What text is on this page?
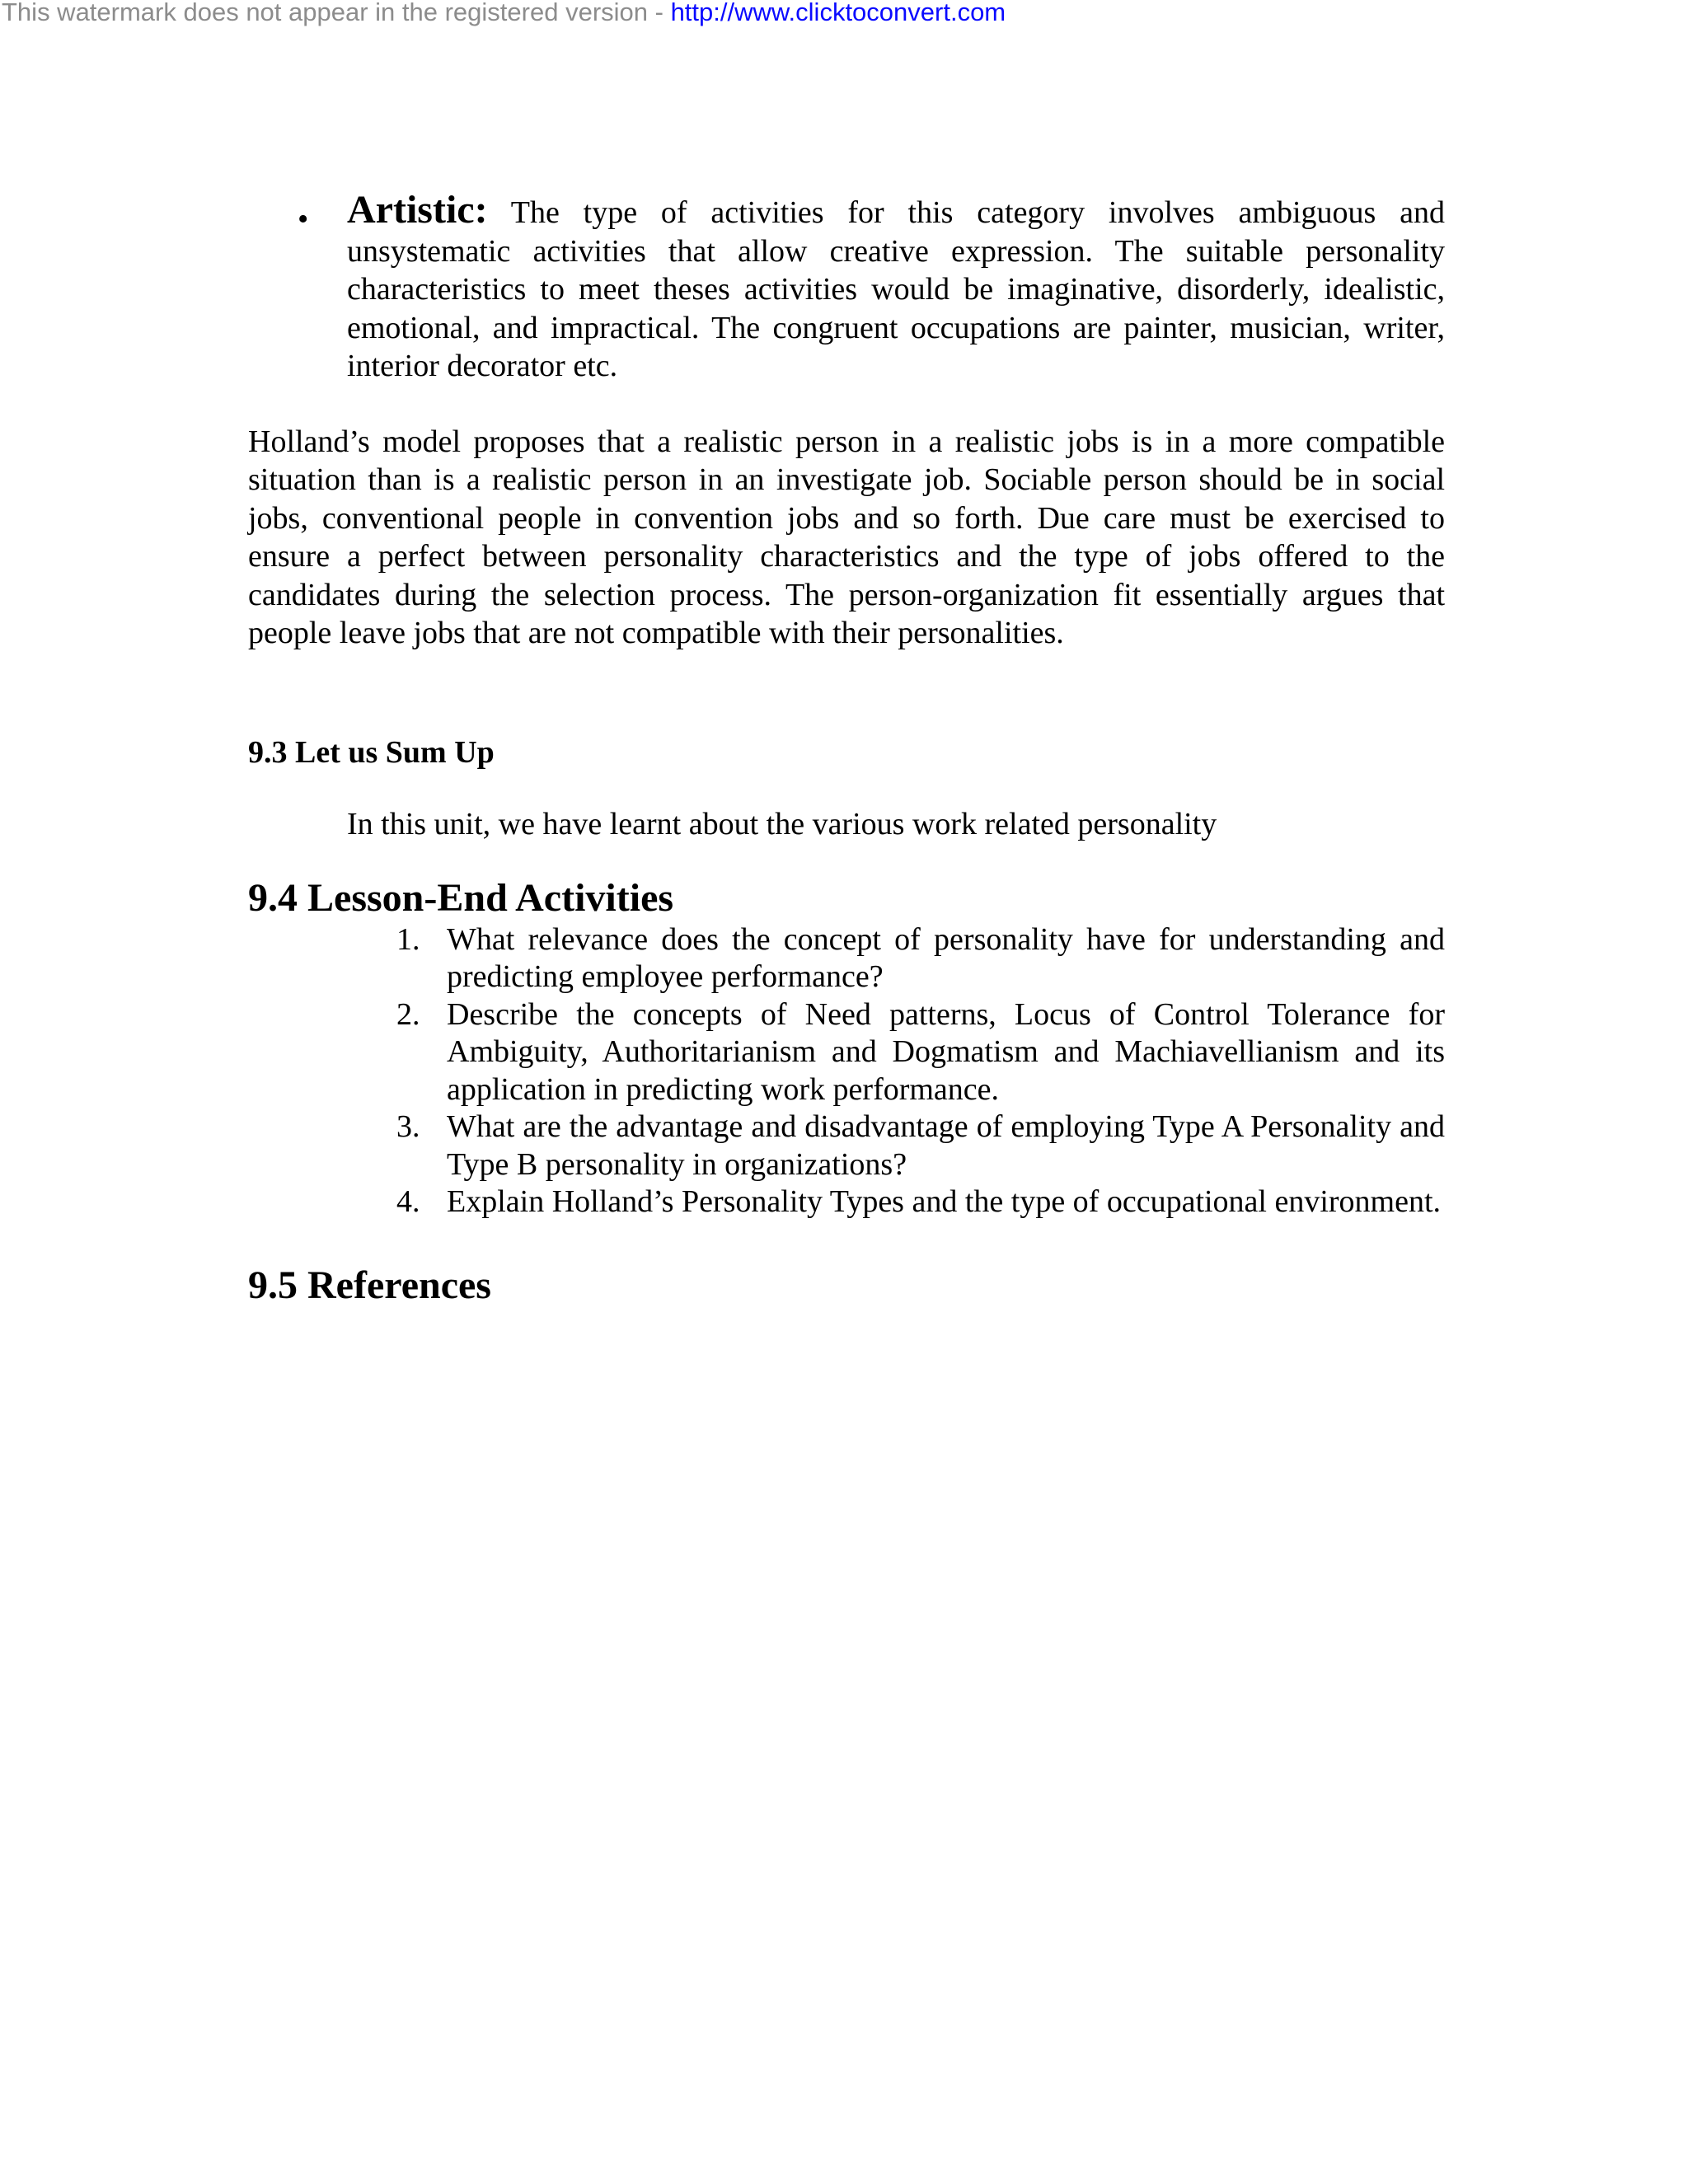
This watermark does not appear in the registered version - http://www.clicktoconvert.com
• Artistic: The type of activities for this category involves ambiguous and unsystematic activities that allow creative expression. The suitable personality characteristics to meet theses activities would be imaginative, disorderly, idealistic, emotional, and impractical. The congruent occupations are painter, musician, writer, interior decorator etc.

Holland’s model proposes that a realistic person in a realistic jobs is in a more compatible situation than is a realistic person in an investigate job. Sociable person should be in social jobs, conventional people in convention jobs and so forth. Due care must be exercised to ensure a perfect between personality characteristics and the type of jobs offered to the candidates during the selection process. The person-organization fit essentially argues that people leave jobs that are not compatible with their personalities.

9.3 Let us Sum Up

In this unit, we have learnt about the various work related personality

9.4 Lesson-End Activities
1. What relevance does the concept of personality have for understanding and predicting employee performance?
2. Describe the concepts of Need patterns, Locus of Control Tolerance for Ambiguity, Authoritarianism and Dogmatism and Machiavellianism and its application in predicting work performance.
3. What are the advantage and disadvantage of employing Type A Personality and Type B personality in organizations?
4. Explain Holland’s Personality Types and the type of occupational environment.
9.5 References
